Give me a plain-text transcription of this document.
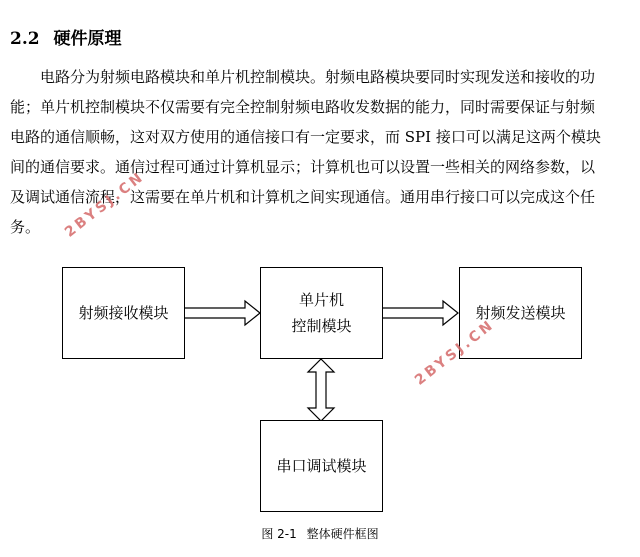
2.2 硬件原理
电路分为射频电路模块和单片机控制模块。射频电路模块要同时实现发送和接收的功
能；单片机控制模块不仅需要有完全控制射频电路收发数据的能力，同时需要保证与射频
电路的通信顺畅，这对双方使用的通信接口有一定要求，而 SPI 接口可以满足这两个模块
间的通信要求。通信过程可通过计算机显示；计算机也可以设置一些相关的网络参数，以
及调试通信流程，这需要在单片机和计算机之间实现通信。通用串行接口可以完成这个任
务。
射频接收模块
单片机
控制模块
射频发送模块
串口调试模块
图 2-1 整体硬件框图
2BYSJ.CN
2BYSJ.CN
